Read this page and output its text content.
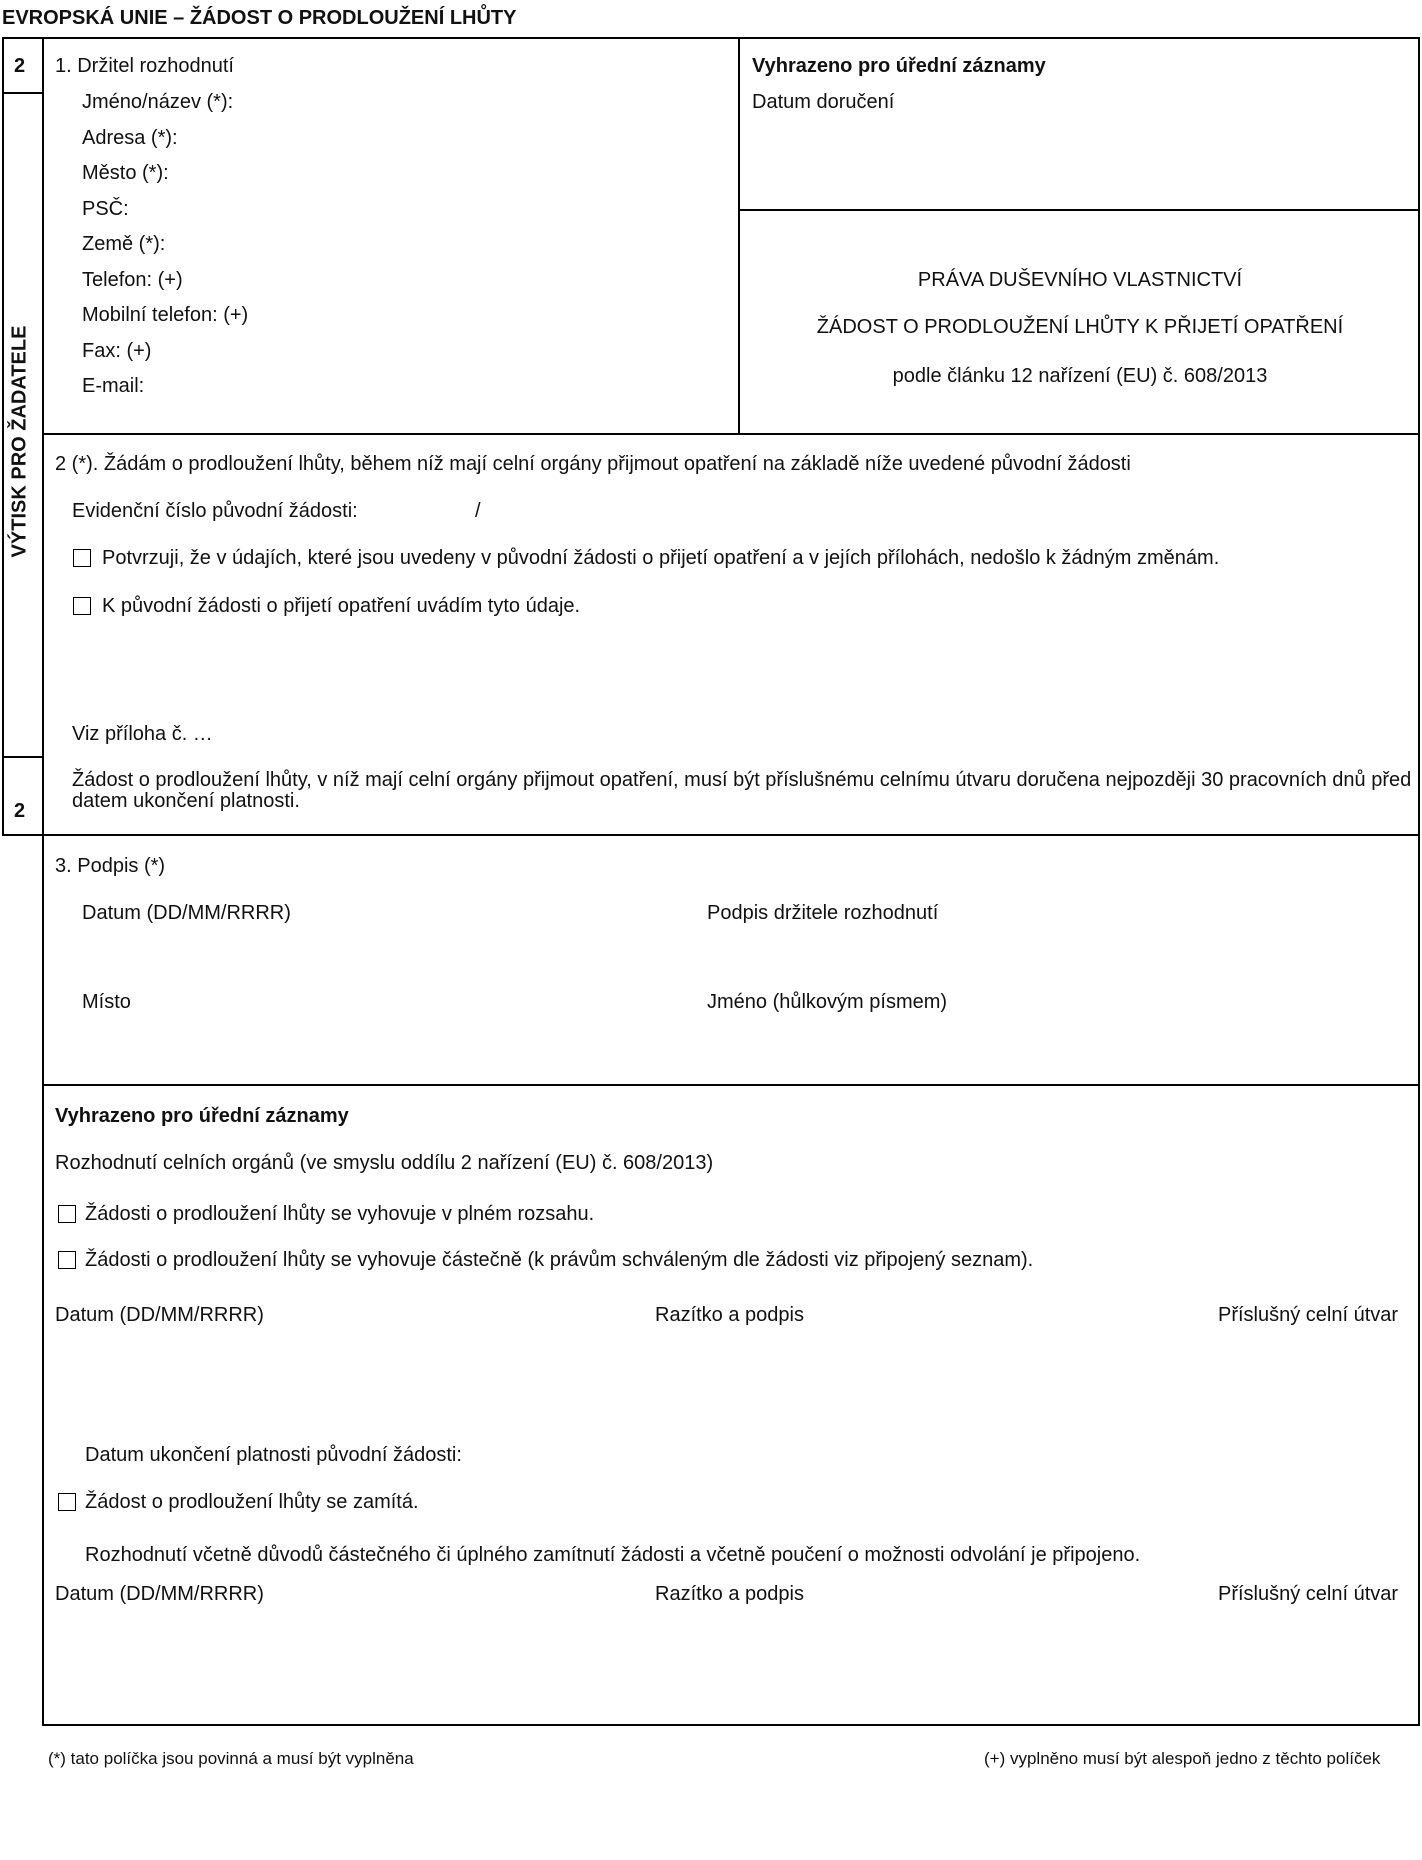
EVROPSKÁ UNIE – ŽÁDOST O PRODLOUŽENÍ LHŮTY
2
VÝTISK PRO ŽADATELE
2
1. Držitel rozhodnutí
Jméno/název (*):
Adresa (*):
Město (*):
PSČ:
Země (*):
Telefon: (+)
Mobilní telefon: (+)
Fax: (+)
E-mail:
Vyhrazeno pro úřední záznamy
Datum doručení
PRÁVA DUŠEVNÍHO VLASTNICTVÍ
ŽÁDOST O PRODLOUŽENÍ LHŮTY K PŘIJETÍ OPATŘENÍ
podle článku 12 nařízení (EU) č. 608/2013
2 (*). Žádám o prodloužení lhůty, během níž mají celní orgány přijmout opatření na základě níže uvedené původní žádosti
Evidenční číslo původní žádosti:	/
Potvrzuji, že v údajích, které jsou uvedeny v původní žádosti o přijetí opatření a v jejích přílohách, nedošlo k žádným změnám.
K původní žádosti o přijetí opatření uvádím tyto údaje.
Viz příloha č. …
Žádost o prodloužení lhůty, v níž mají celní orgány přijmout opatření, musí být příslušnému celnímu útvaru doručena nejpozději 30 pracovních dnů před datem ukončení platnosti.
3. Podpis (*)
Datum (DD/MM/RRRR)	Podpis držitele rozhodnutí
Místo	Jméno (hůlkovým písmem)
Vyhrazeno pro úřední záznamy
Rozhodnutí celních orgánů (ve smyslu oddílu 2 nařízení (EU) č. 608/2013)
Žádosti o prodloužení lhůty se vyhovuje v plném rozsahu.
Žádosti o prodloužení lhůty se vyhovuje částečně (k právům schváleným dle žádosti viz připojený seznam).
Datum (DD/MM/RRRR)	Razítko a podpis	Příslušný celní útvar
Datum ukončení platnosti původní žádosti:
Žádost o prodloužení lhůty se zamítá.
Rozhodnutí včetně důvodů částečného či úplného zamítnutí žádosti a včetně poučení o možnosti odvolání je připojeno.
Datum (DD/MM/RRRR)	Razítko a podpis	Příslušný celní útvar
(*) tato políčka jsou povinná a musí být vyplněna	(+) vyplněno musí být alespoň jedno z těchto políček
